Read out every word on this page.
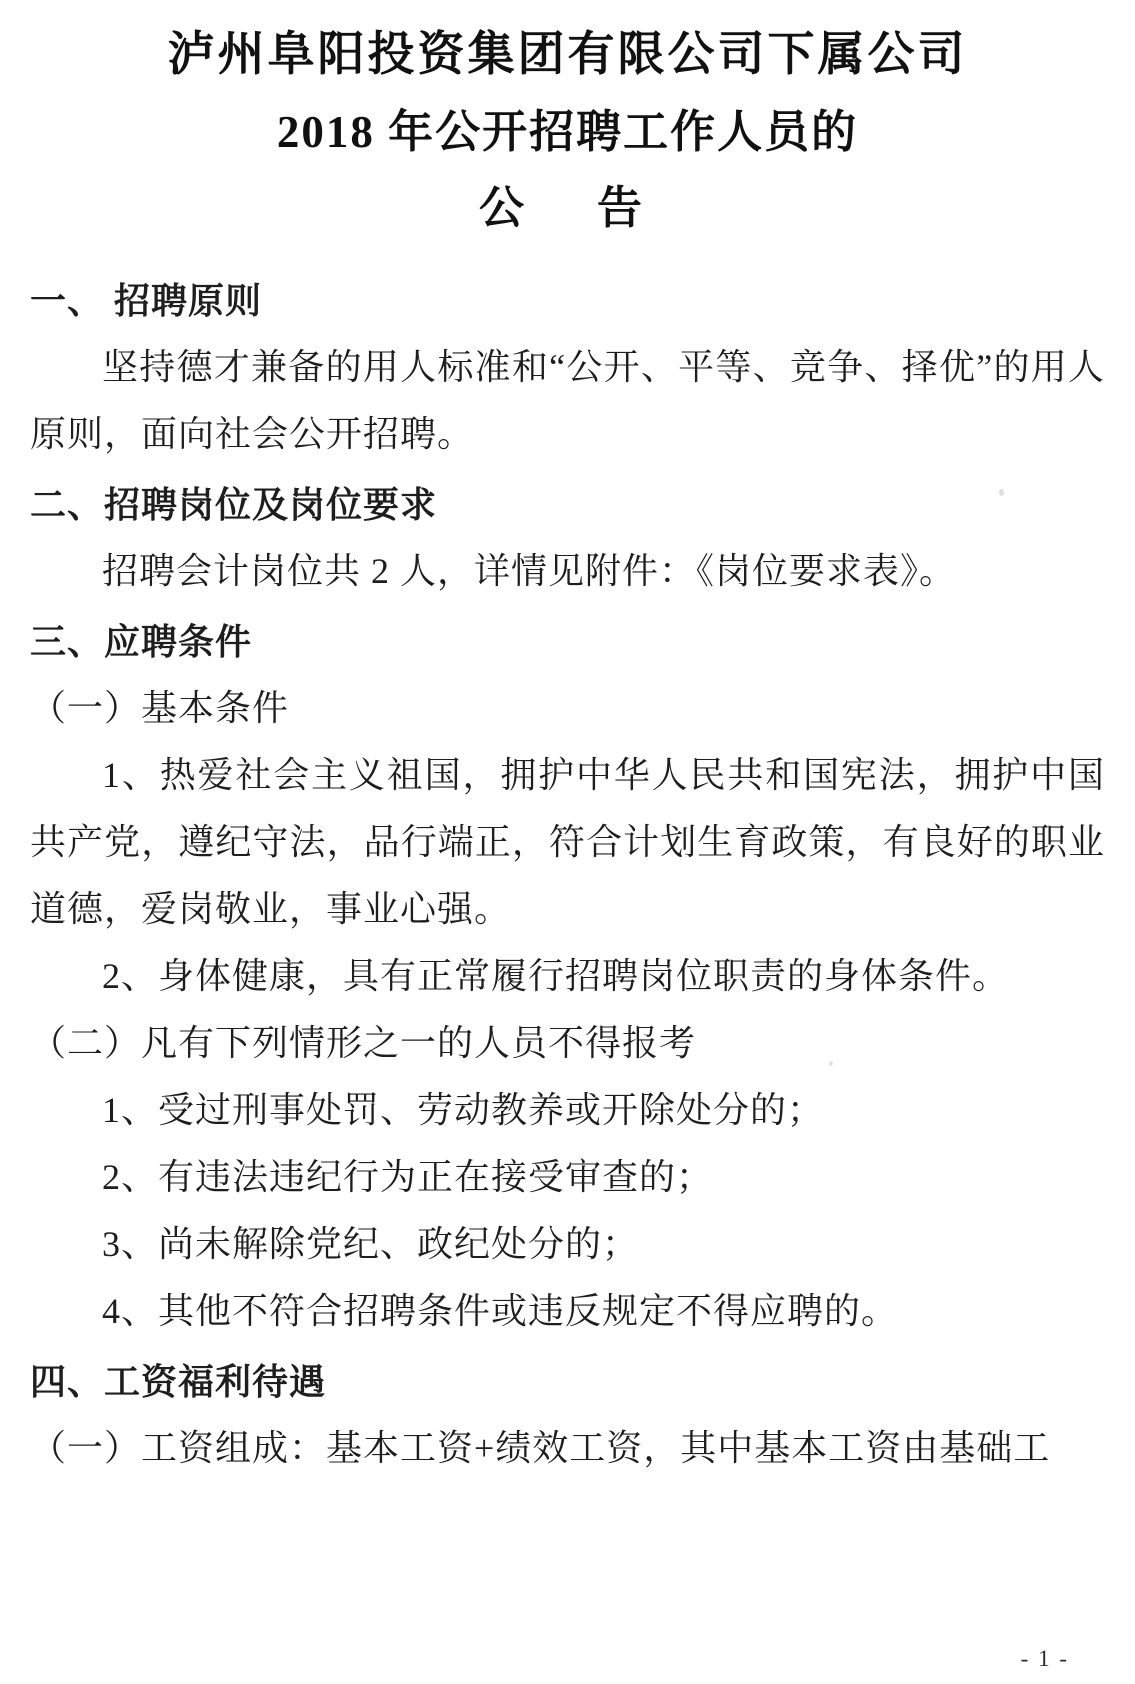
泸州阜阳投资集团有限公司下属公司
2018 年公开招聘工作人员的
公　告
一、 招聘原则
坚持德才兼备的用人标准和“公开、平等、竞争、择优”的用人原则，面向社会公开招聘。
二、招聘岗位及岗位要求
招聘会计岗位共 2 人，详情见附件：《岗位要求表》。
三、应聘条件
（一）基本条件
1、热爱社会主义祖国，拥护中华人民共和国宪法，拥护中国共产党，遵纪守法，品行端正，符合计划生育政策，有良好的职业道德，爱岗敬业，事业心强。
2、身体健康，具有正常履行招聘岗位职责的身体条件。
（二）凡有下列情形之一的人员不得报考
1、受过刑事处罚、劳动教养或开除处分的；
2、有违法违纪行为正在接受审查的；
3、尚未解除党纪、政纪处分的；
4、其他不符合招聘条件或违反规定不得应聘的。
四、工资福利待遇
（一）工资组成：基本工资+绩效工资，其中基本工资由基础工
- 1 -
